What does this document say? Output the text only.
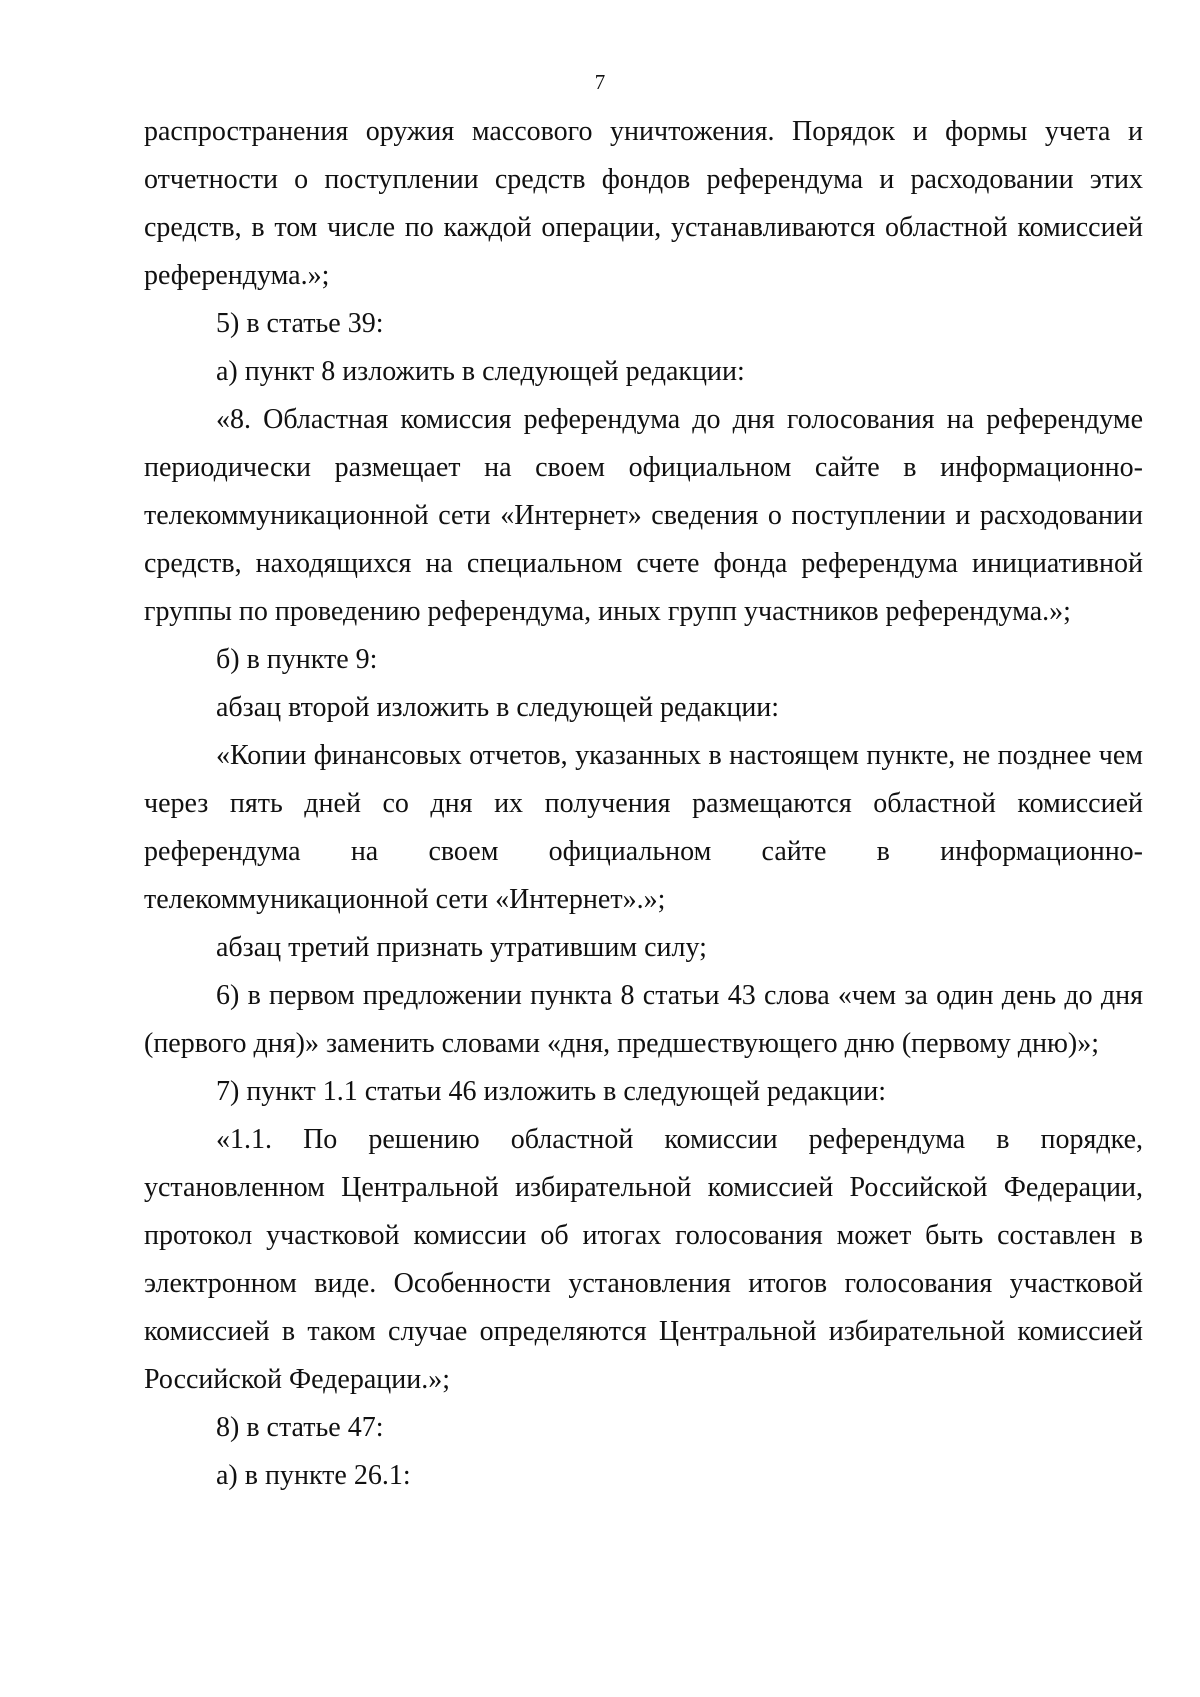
7

распространения оружия массового уничтожения. Порядок и формы учета и отчетности о поступлении средств фондов референдума и расходовании этих средств, в том числе по каждой операции, устанавливаются областной комиссией референдума.»;

5) в статье 39:

а) пункт 8 изложить в следующей редакции:

«8. Областная комиссия референдума до дня голосования на референдуме периодически размещает на своем официальном сайте в информационно-телекоммуникационной сети «Интернет» сведения о поступлении и расходовании средств, находящихся на специальном счете фонда референдума инициативной группы по проведению референдума, иных групп участников референдума.»;

б) в пункте 9:

абзац второй изложить в следующей редакции:

«Копии финансовых отчетов, указанных в настоящем пункте, не позднее чем через пять дней со дня их получения размещаются областной комиссией референдума на своем официальном сайте в информационно-телекоммуникационной сети «Интернет».»;

абзац третий признать утратившим силу;

6) в первом предложении пункта 8 статьи 43 слова «чем за один день до дня (первого дня)» заменить словами «дня, предшествующего дню (первому дню)»;

7) пункт 1.1 статьи 46 изложить в следующей редакции:

«1.1. По решению областной комиссии референдума в порядке, установленном Центральной избирательной комиссией Российской Федерации, протокол участковой комиссии об итогах голосования может быть составлен в электронном виде. Особенности установления итогов голосования участковой комиссией в таком случае определяются Центральной избирательной комиссией Российской Федерации.»;

8) в статье 47:

а) в пункте 26.1:
